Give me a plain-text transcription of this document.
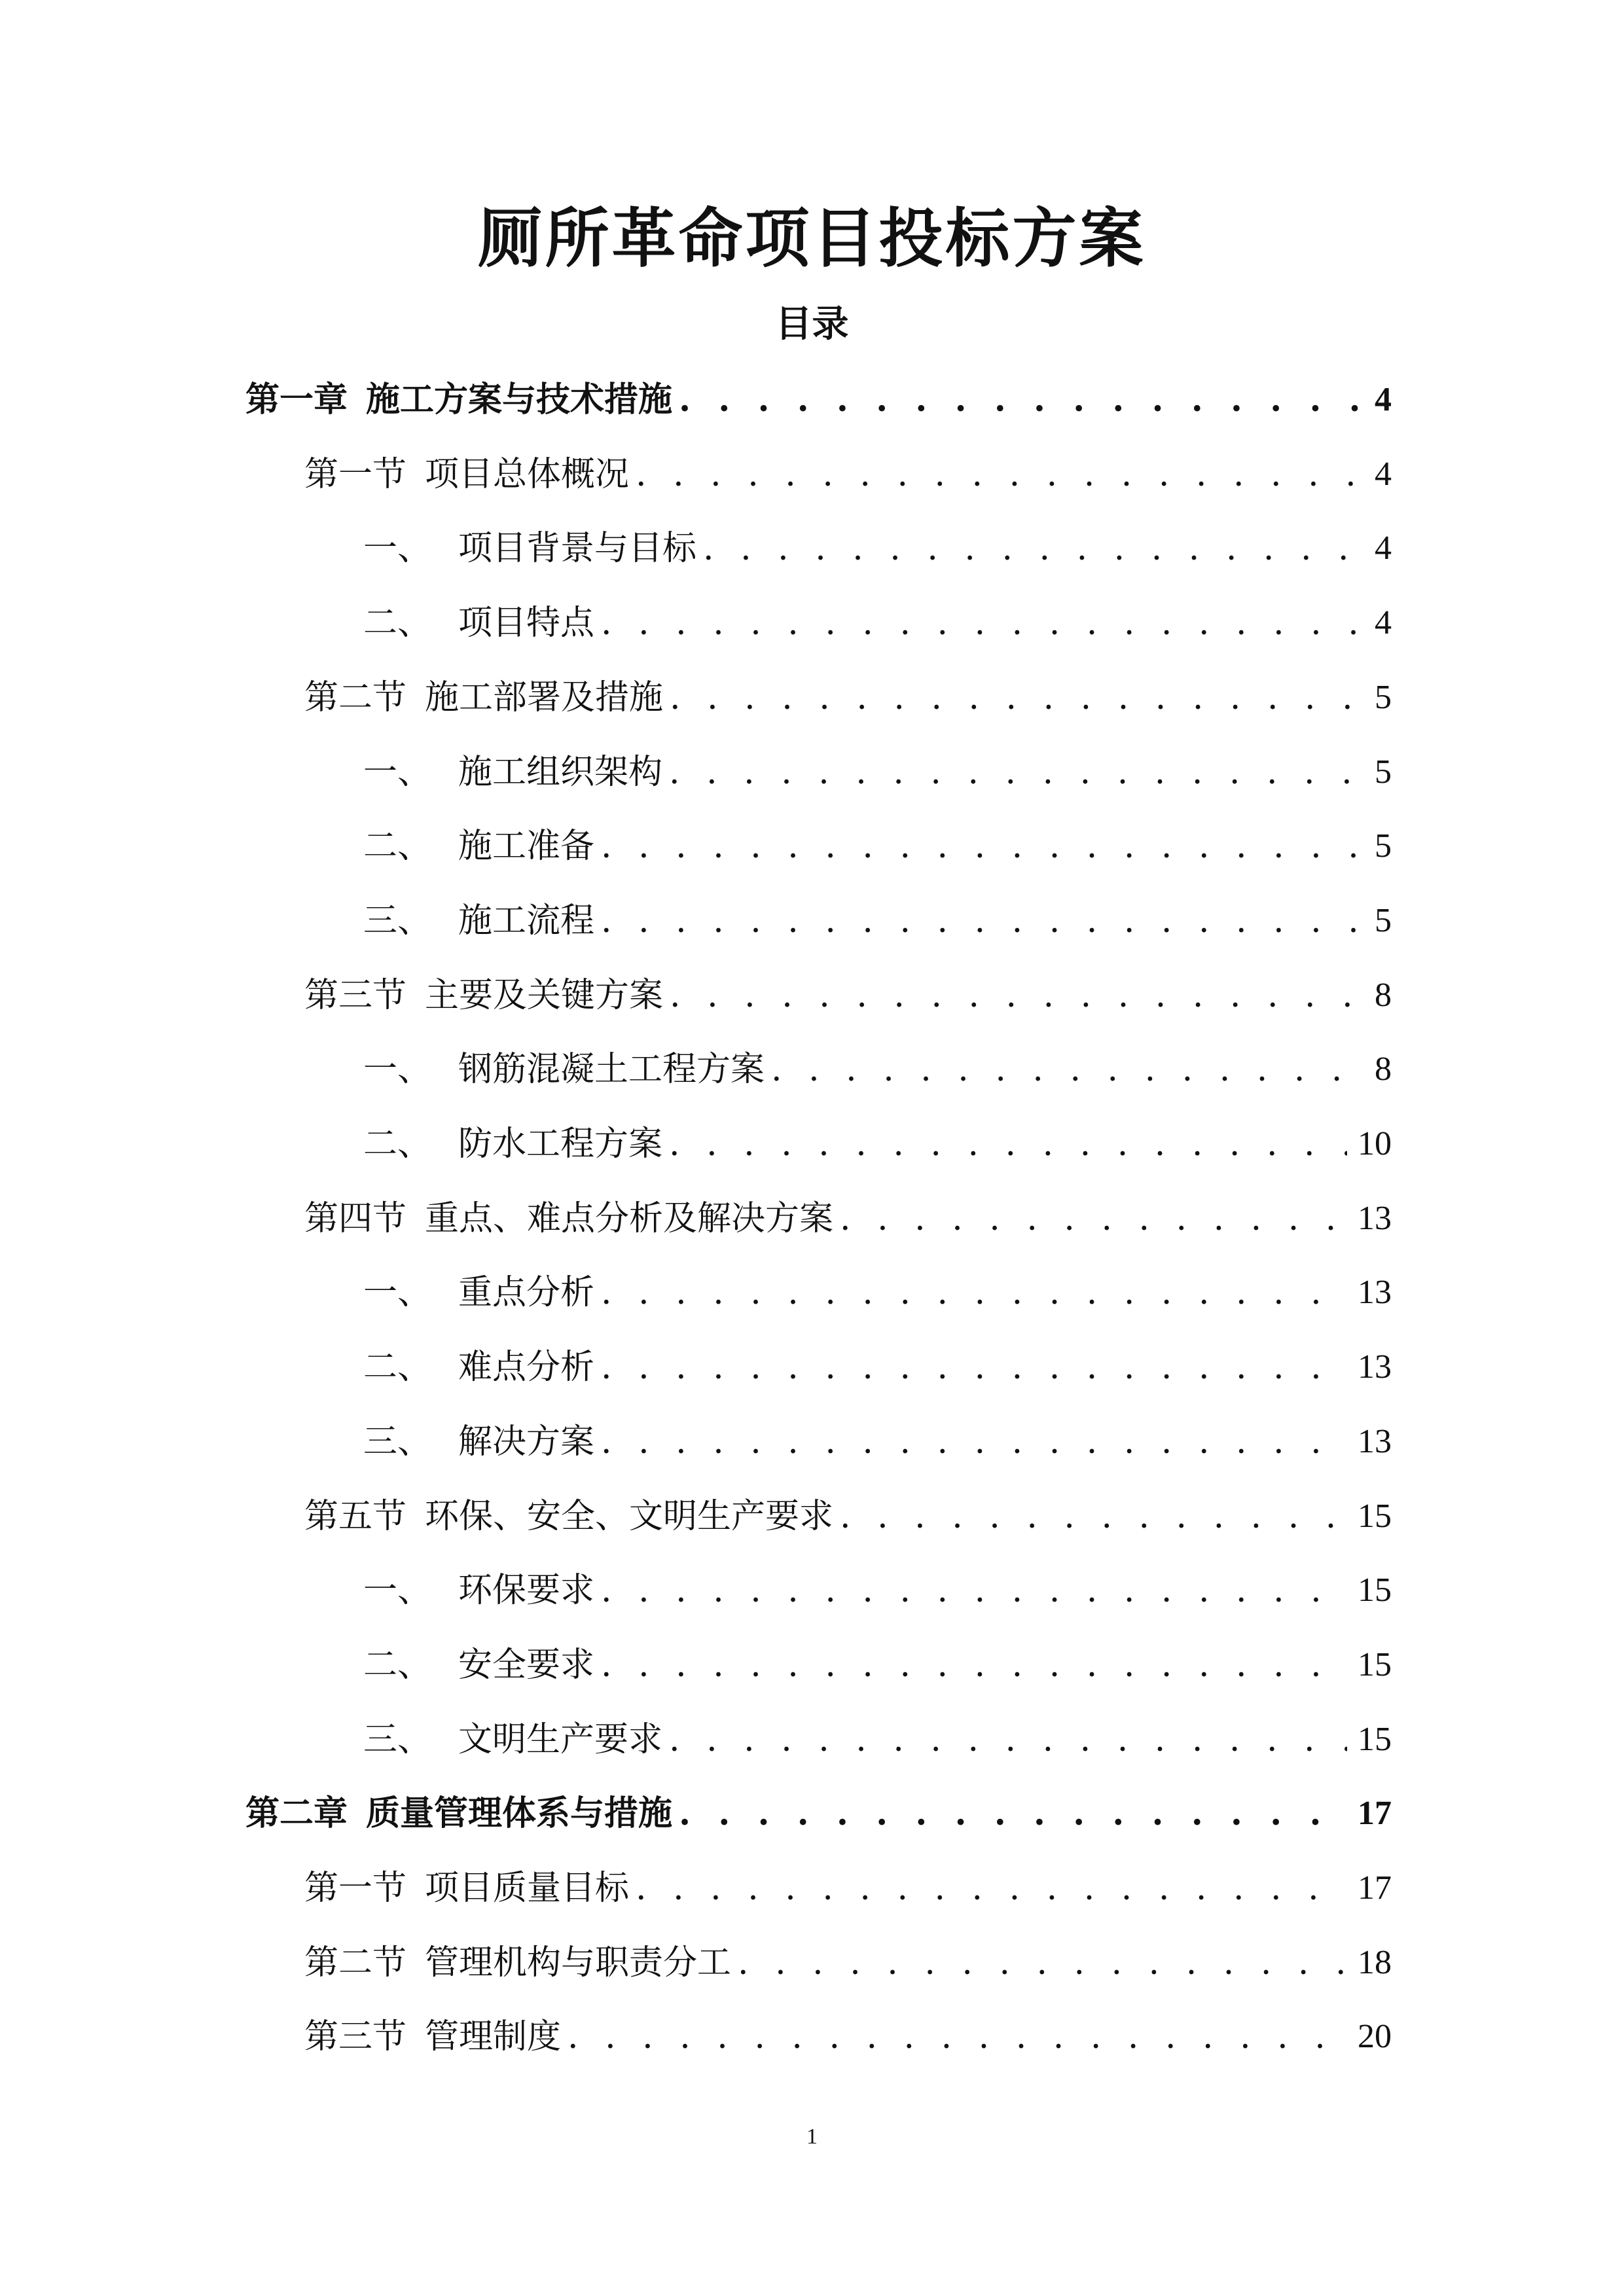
厕所革命项目投标方案
目录
第一章 施工方案与技术措施 . . .	4
第一节 项目总体概况 . . .	4
一、 项目背景与目标 . . .	4
二、 项目特点 . . .	4
第二节 施工部署及措施 . . .	5
一、 施工组织架构 . . .	5
二、 施工准备 . . .	5
三、 施工流程 . . .	5
第三节 主要及关键方案 . . .	8
一、 钢筋混凝土工程方案 . . .	8
二、 防水工程方案 . . .	10
第四节 重点、难点分析及解决方案 . . .	13
一、 重点分析 . . .	13
二、 难点分析 . . .	13
三、 解决方案 . . .	13
第五节 环保、安全、文明生产要求 . . .	15
一、 环保要求 . . .	15
二、 安全要求 . . .	15
三、 文明生产要求 . . .	15
第二章 质量管理体系与措施 . . .	17
第一节 项目质量目标 . . .	17
第二节 管理机构与职责分工 . . .	18
第三节 管理制度 . . .	20
1
